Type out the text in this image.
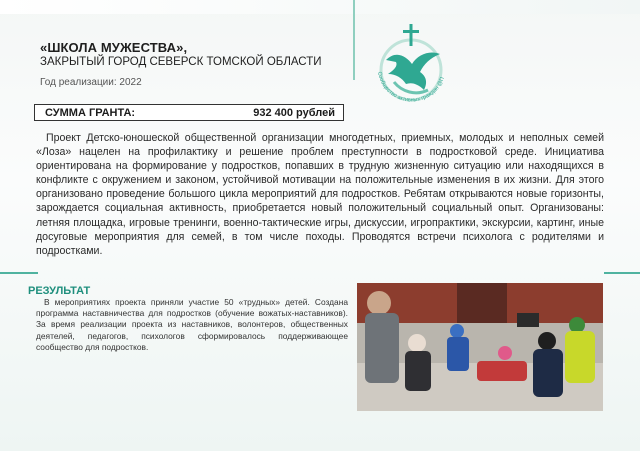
«ШКОЛА МУЖЕСТВА»,
ЗАКРЫТЫЙ ГОРОД СЕВЕРСК ТОМСКОЙ ОБЛАСТИ
Год реализации: 2022
СУММА ГРАНТА:	932 400 рублей
Сообщество активных граждан @П
Проект Детско-юношеской общественной организации многодетных, приемных, молодых и неполных семей «Лоза» нацелен на профилактику и решение проблем преступности в подростковой среде. Инициатива ориентирована на формирование у подростков, попавших в трудную жизненную ситуацию или находящихся в конфликте с окружением и законом, устойчивой мотивации на положительные изменения в их жизни. Для этого организовано проведение большого цикла мероприятий для подростков. Ребятам открываются новые горизонты, зарождается социальная активность, приобретается новый положительный социальный опыт. Организованы: летняя площадка, игровые тренинги, военно-тактические игры, дискуссии, игропрактики, экскурсии, картинг, иные досуговые мероприятия для семей, в том числе походы. Проводятся встречи психолога с родителями и подростками.
РЕЗУЛЬТАТ
В мероприятиях проекта приняли участие 50 «трудных» детей. Создана программа наставничества для подростков (обучение вожатых-наставников). За время реализации проекта из наставников, волонтеров, общественных деятелей, педагогов, психологов сформировалось поддерживающее сообщество для подростков.
